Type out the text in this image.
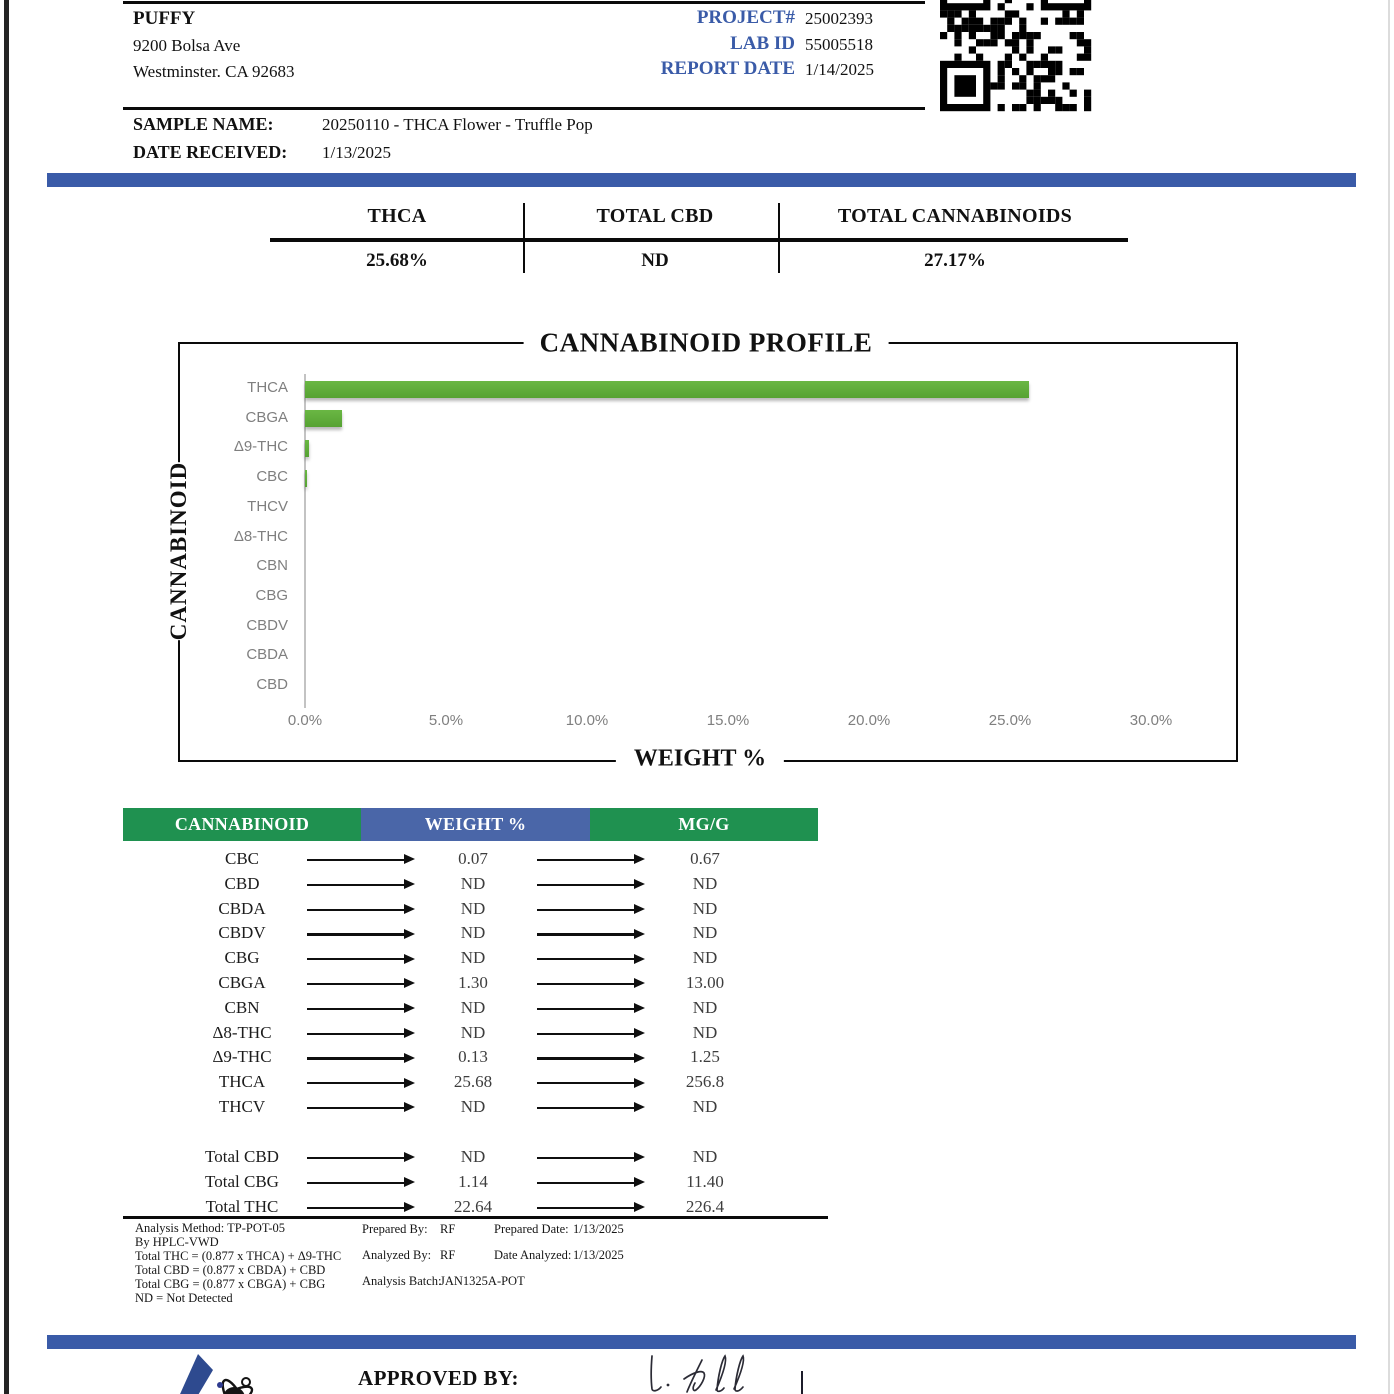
PUFFY
9200 Bolsa Ave
Westminster. CA 92683
PROJECT# 25002393
LAB ID 55005518
REPORT DATE 1/14/2025
SAMPLE NAME:	20250110 - THCA Flower - Truffle Pop
DATE RECEIVED: 1/13/2025
THCA	TOTAL CBD	TOTAL CANNABINOIDS
25.68%	ND	27.17%
CANNABINOID PROFILE
CANNABINOID
WEIGHT %
THCA
CBGA
Δ9-THC
CBC
THCV
Δ8-THC
CBN
CBG
CBDV
CBDA
CBD
0.0%	5.0%	10.0%	15.0%	20.0%	25.0%	30.0%
CANNABINOID	WEIGHT %	MG/G
CBC	0.07	0.67
CBD	ND	ND
CBDA	ND	ND
CBDV	ND	ND
CBG	ND	ND
CBGA	1.30	13.00
CBN	ND	ND
Δ8-THC	ND	ND
Δ9-THC	0.13	1.25
THCA	25.68	256.8
THCV	ND	ND
Total CBD	ND	ND
Total CBG	1.14	11.40
Total THC	22.64	226.4
Analysis Method: TP-POT-05
By HPLC-VWD
Total THC = (0.877 x THCA) + Δ9-THC
Total CBD = (0.877 x CBDA) + CBD
Total CBG = (0.877 x CBGA) + CBG
ND = Not Detected
Prepared By: RF	Prepared Date: 1/13/2025
Analyzed By: RF	Date Analyzed: 1/13/2025
Analysis Batch:
JAN1325A-POT
APPROVED BY:
